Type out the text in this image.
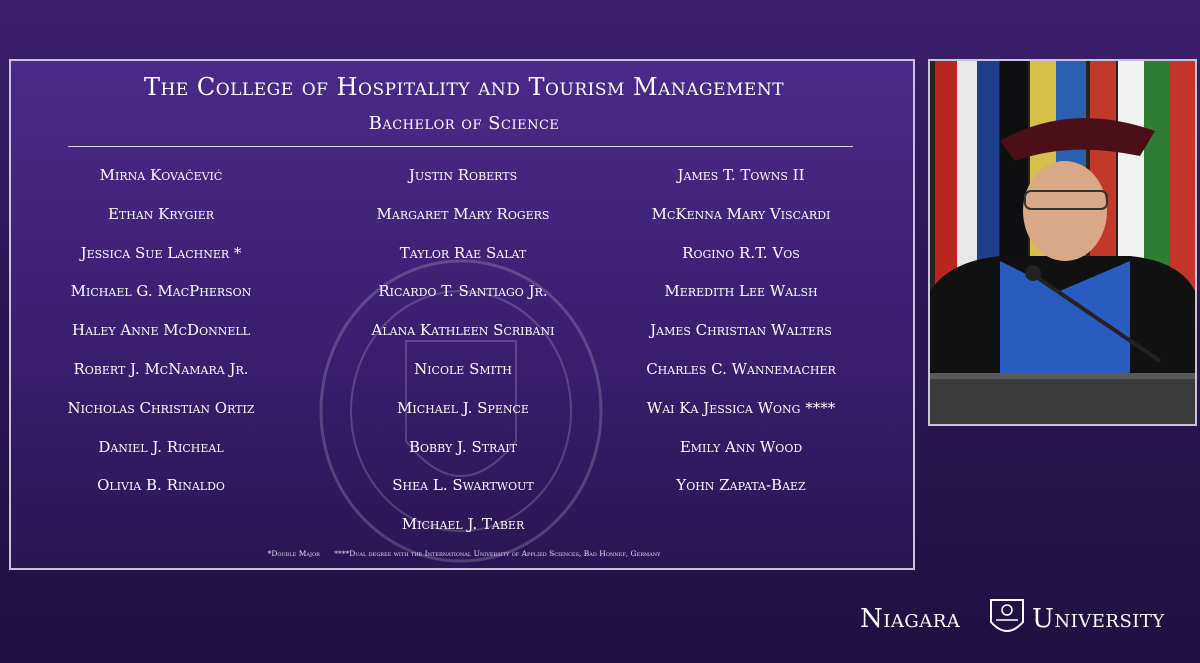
The College of Hospitality and Tourism Management
Bachelor of Science
Mirna Kovačević
Ethan Krygier
Jessica Sue Lachner *
Michael G. MacPherson
Haley Anne McDonnell
Robert J. McNamara Jr.
Nicholas Christian Ortiz
Daniel J. Richeal
Olivia B. Rinaldo
Justin Roberts
Margaret Mary Rogers
Taylor Rae Salat
Ricardo T. Santiago Jr.
Alana Kathleen Scribani
Nicole Smith
Michael J. Spence
Bobby J. Strait
Shea L. Swartwout
Michael J. Taber
James T. Towns II
McKenna Mary Viscardi
Rogino R.T. Vos
Meredith Lee Walsh
James Christian Walters
Charles C. Wannemacher
Wai Ka Jessica Wong ****
Emily Ann Wood
Yohn Zapata-Baez
*Double Major ****Dual degree with the International University of Applied Sciences, Bad Honnef, Germany
Niagara	University
